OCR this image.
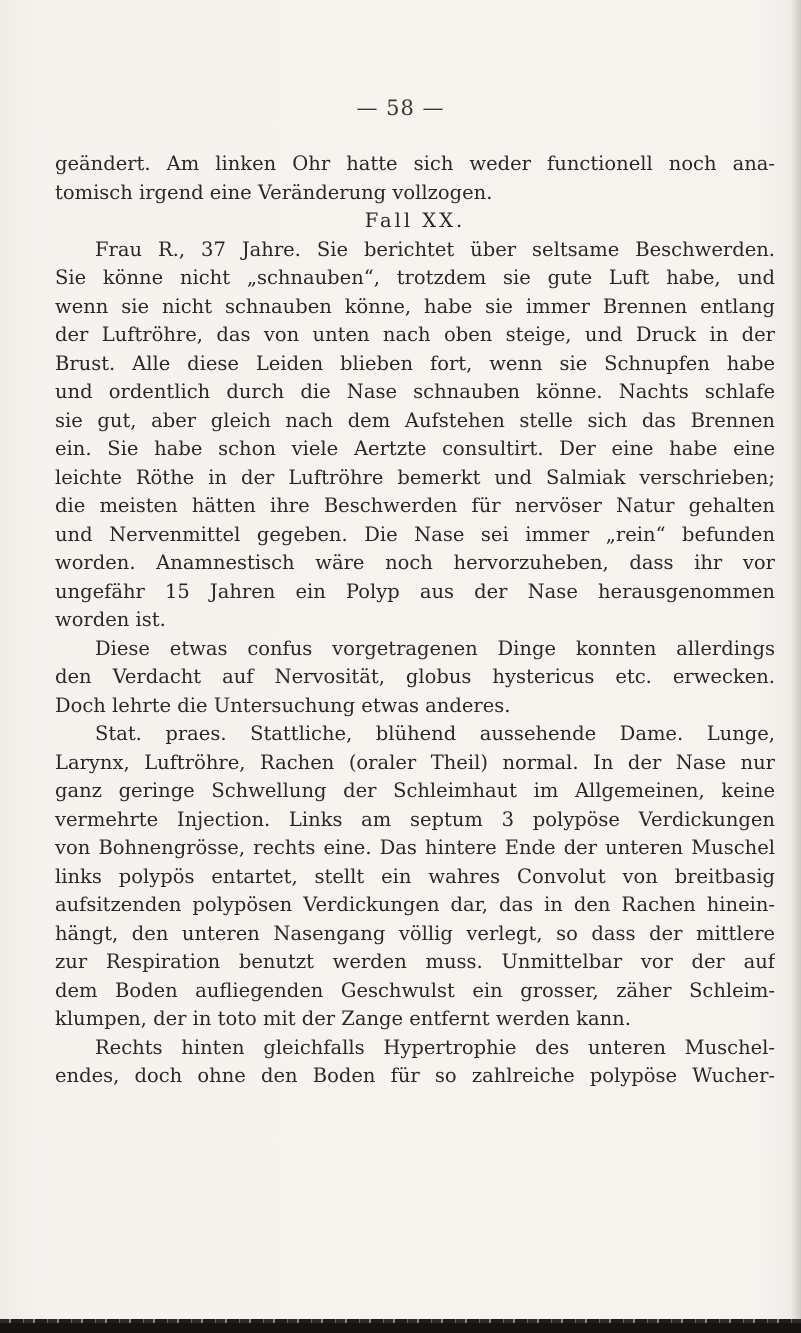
— 58 —
geändert. Am linken Ohr hatte sich weder functionell noch ana-
tomisch irgend eine Veränderung vollzogen.
Fall XX.
Frau R., 37 Jahre. Sie berichtet über seltsame Beschwerden.
Sie könne nicht „schnauben“, trotzdem sie gute Luft habe, und
wenn sie nicht schnauben könne, habe sie immer Brennen entlang
der Luftröhre, das von unten nach oben steige, und Druck in der
Brust. Alle diese Leiden blieben fort, wenn sie Schnupfen habe
und ordentlich durch die Nase schnauben könne. Nachts schlafe
sie gut, aber gleich nach dem Aufstehen stelle sich das Brennen
ein. Sie habe schon viele Aertzte consultirt. Der eine habe eine
leichte Röthe in der Luftröhre bemerkt und Salmiak verschrieben;
die meisten hätten ihre Beschwerden für nervöser Natur gehalten
und Nervenmittel gegeben. Die Nase sei immer „rein“ befunden
worden. Anamnestisch wäre noch hervorzuheben, dass ihr vor
ungefähr 15 Jahren ein Polyp aus der Nase herausgenommen
worden ist.
Diese etwas confus vorgetragenen Dinge konnten allerdings
den Verdacht auf Nervosität, globus hystericus etc. erwecken.
Doch lehrte die Untersuchung etwas anderes.
Stat. praes. Stattliche, blühend aussehende Dame. Lunge,
Larynx, Luftröhre, Rachen (oraler Theil) normal. In der Nase nur
ganz geringe Schwellung der Schleimhaut im Allgemeinen, keine
vermehrte Injection. Links am septum 3 polypöse Verdickungen
von Bohnengrösse, rechts eine. Das hintere Ende der unteren Muschel
links polypös entartet, stellt ein wahres Convolut von breitbasig
aufsitzenden polypösen Verdickungen dar, das in den Rachen hinein-
hängt, den unteren Nasengang völlig verlegt, so dass der mittlere
zur Respiration benutzt werden muss. Unmittelbar vor der auf
dem Boden aufliegenden Geschwulst ein grosser, zäher Schleim-
klumpen, der in toto mit der Zange entfernt werden kann.
Rechts hinten gleichfalls Hypertrophie des unteren Muschel-
endes, doch ohne den Boden für so zahlreiche polypöse Wucher-
